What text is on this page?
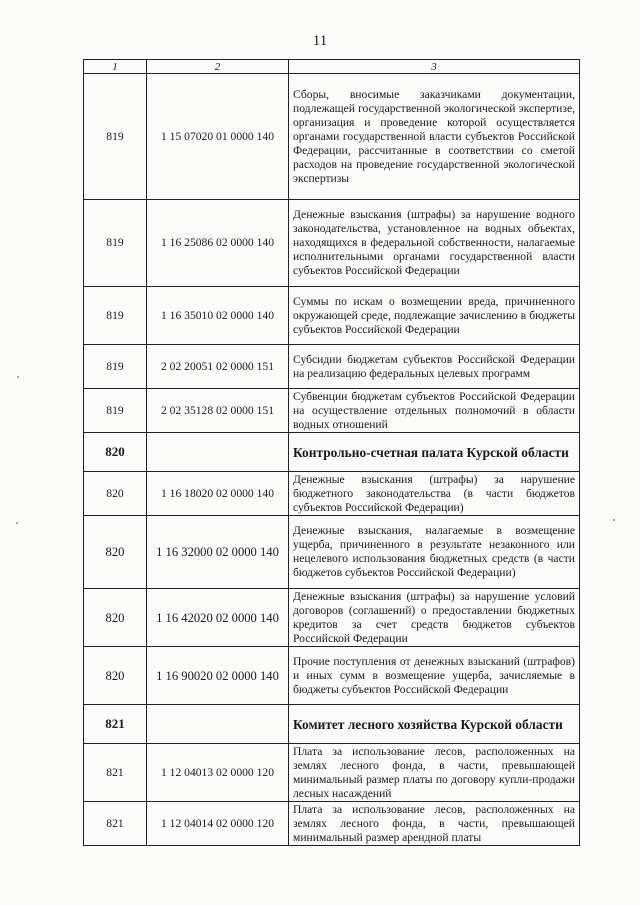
11
1	2	3
819	1 15 07020 01 0000 140	Сборы, вносимые заказчиками документации, подлежащей государственной экологической экспертизе, организация и проведение которой осуществляется органами государственной власти субъектов Российской Федерации, рассчитанные в соответствии со сметой расходов на проведение государственной экологической экспертизы
819	1 16 25086 02 0000 140	Денежные взыскания (штрафы) за нарушение водного законодательства, установленное на водных объектах, находящихся в федеральной собственности, налагаемые исполнительными органами государственной власти субъектов Российской Федерации
819	1 16 35010 02 0000 140	Суммы по искам о возмещении вреда, причиненного окружающей среде, подлежащие зачислению в бюджеты субъектов Российской Федерации
819	2 02 20051 02 0000 151	Субсидии бюджетам субъектов Российской Федерации на реализацию федеральных целевых программ
819	2 02 35128 02 0000 151	Субвенции бюджетам субъектов Российской Федерации на осуществление отдельных полномочий в области водных отношений
820		Контрольно-счетная палата Курской области
820	1 16 18020 02 0000 140	Денежные взыскания (штрафы) за нарушение бюджетного законодательства (в части бюджетов субъектов Российской Федерации)
820	1 16 32000 02 0000 140	Денежные взыскания, налагаемые в возмещение ущерба, причиненного в результате незаконного или нецелевого использования бюджетных средств (в части бюджетов субъектов Российской Федерации)
820	1 16 42020 02 0000 140	Денежные взыскания (штрафы) за нарушение условий договоров (соглашений) о предоставлении бюджетных кредитов за счет средств бюджетов субъектов Российской Федерации
820	1 16 90020 02 0000 140	Прочие поступления от денежных взысканий (штрафов) и иных сумм в возмещение ущерба, зачисляемые в бюджеты субъектов Российской Федерации
821		Комитет лесного хозяйства Курской области
821	1 12 04013 02 0000 120	Плата за использование лесов, расположенных на землях лесного фонда, в части, превышающей минимальный размер платы по договору купли-продажи лесных насаждений
821	1 12 04014 02 0000 120	Плата за использование лесов, расположенных на землях лесного фонда, в части, превышающей минимальный размер арендной платы
